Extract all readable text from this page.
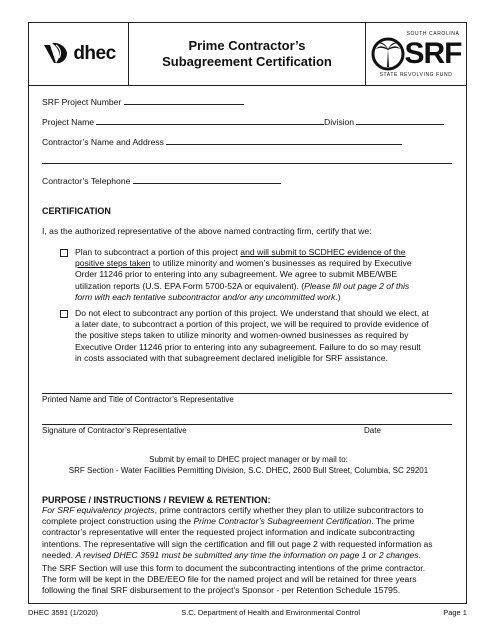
dhec	Prime Contractor’s
Subagreement Certification
SOUTH CAROLINA
SRF
STATE REVOLVING FUND
SRF Project Number
Project Name	Division
Contractor’s Name and Address
Contractor’s Telephone
CERTIFICATION
I, as the authorized representative of the above named contracting firm, certify that we:
Plan to subcontract a portion of this project and will submit to SCDHEC evidence of the
positive steps taken to utilize minority and women’s businesses as required by Executive
Order 11246 prior to entering into any subagreement. We agree to submit MBE/WBE
utilization reports (U.S. EPA Form 5700-52A or equivalent). (Please fill out page 2 of this
form with each tentative subcontractor and/or any uncommitted work.)
Do not elect to subcontract any portion of this project. We understand that should we elect, at
a later date, to subcontract a portion of this project, we will be required to provide evidence of
the positive steps taken to utilize minority and women-owned businesses as required by
Executive Order 11246 prior to entering into any subagreement. Failure to do so may result
in costs associated with that subagreement declared ineligible for SRF assistance.
Printed Name and Title of Contractor’s Representative
Signature of Contractor’s Representative	Date
Submit by email to DHEC project manager or by mail to:
SRF Section - Water Facilities Permitting Division, S.C. DHEC, 2600 Bull Street, Columbia, SC 29201
PURPOSE / INSTRUCTIONS / REVIEW & RETENTION:
For SRF equivalency projects, prime contractors certify whether they plan to utilize subcontractors to
complete project construction using the Prime Contractor’s Subagreement Certification. The prime
contractor’s representative will enter the requested project information and indicate subcontracting
intentions. The representative will sign the certification and fill out page 2 with requested information as
needed. A revised DHEC 3591 must be submitted any time the information on page 1 or 2 changes.
The SRF Section will use this form to document the subcontracting intentions of the prime contractor.
The form will be kept in the DBE/EEO file for the named project and will be retained for three years
following the final SRF disbursement to the project’s Sponsor - per Retention Schedule 15795.
DHEC 3591 (1/2020)	S.C. Department of Health and Environmental Control	Page 1
